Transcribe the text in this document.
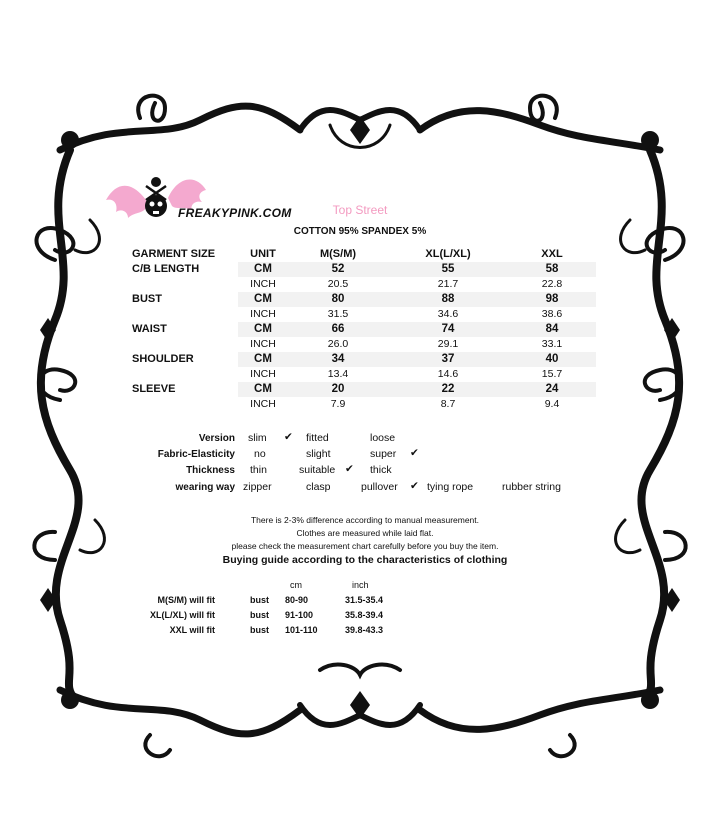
FREAKYPINK.COM	Top Street
COTTON 95% SPANDEX 5%
GARMENT SIZE	UNIT	M(S/M)	XL(L/XL)	XXL
C/B LENGTH	CM	52	55	58
	INCH	20.5	21.7	22.8
BUST	CM	80	88	98
	INCH	31.5	34.6	38.6
WAIST	CM	66	74	84
	INCH	26.0	29.1	33.1
SHOULDER	CM	34	37	40
	INCH	13.4	14.6	15.7
SLEEVE	CM	20	22	24
	INCH	7.9	8.7	9.4
Version slim ✔ fitted	loose
Fabric-Elasticity no	slight	super ✔
Thickness thin	suitable ✔ thick
wearing way zipper	clasp	pullover ✔ tying rope	rubber string
There is 2-3% difference according to manual measurement.
Clothes are measured while laid flat.
please check the measurement chart carefully before you buy the item.
Buying guide according to the characteristics of clothing
cm	inch
M(S/M) will fit	bust 80-90	31.5-35.4
XL(L/XL) will fit	bust 91-100	35.8-39.4
XXL will fit	bust 101-110	39.8-43.3
